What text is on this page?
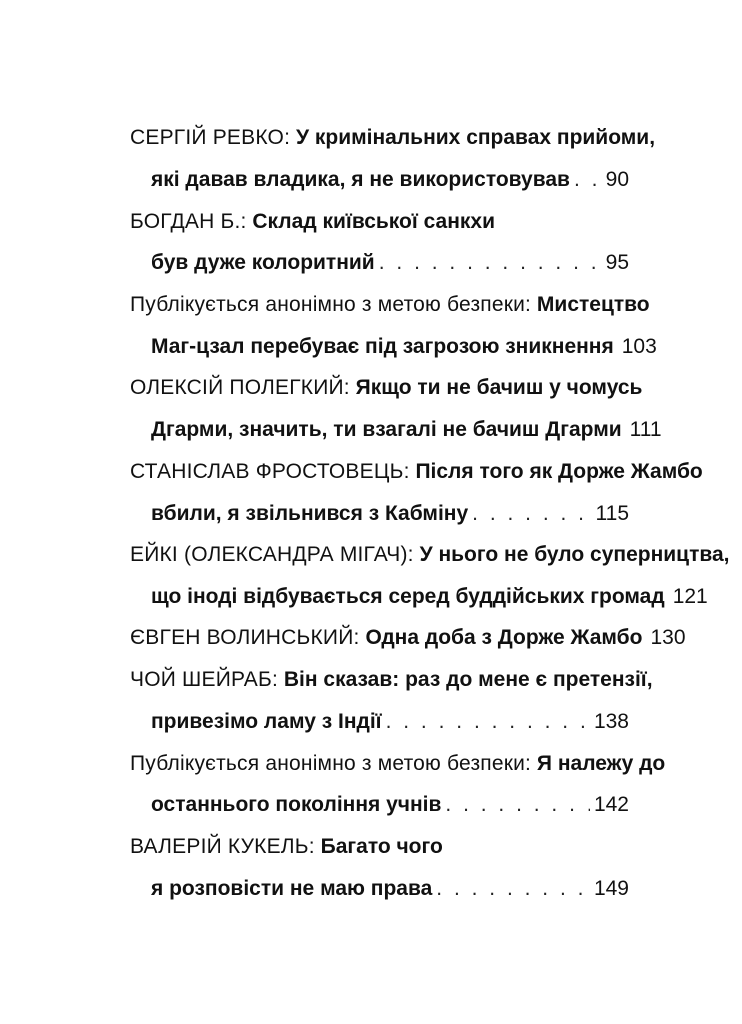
СЕРГІЙ РЕВКО: У кримінальних справах прийоми,
які давав владика, я не використовував . . . 90
БОГДАН Б.: Склад київської санкхи
був дуже колоритний . . .	95
Публікується анонімно з метою безпеки: Мистецтво
Маг-цзал перебуває під загрозою зникнення 103
ОЛЕКСІЙ ПОЛЕГКИЙ: Якщо ти не бачиш у чомусь
Дгарми, значить, ти взагалі не бачиш Дгарми 111
СТАНІСЛАВ ФРОСТОВЕЦЬ: Після того як Дорже Жамбо
вбили, я звільнився з Кабміну . . .	115
ЕЙКІ (ОЛЕКСАНДРА МІГАЧ): У нього не було суперництва,
що іноді відбувається серед буддійських громад 121
ЄВГЕН ВОЛИНСЬКИЙ: Одна доба з Дорже Жамбо 130
ЧОЙ ШЕЙРАБ: Він сказав: раз до мене є претензії,
привезімо ламу з Індії . . .	138
Публікується анонімно з метою безпеки: Я належу до
останнього покоління учнів . . .	142
ВАЛЕРІЙ КУКЕЛЬ: Багато чого
я розповісти не маю права . . .	149
